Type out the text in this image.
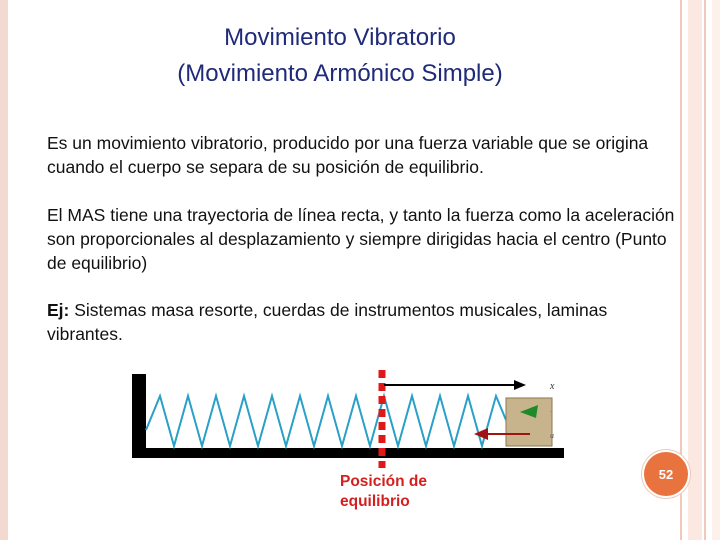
Movimiento Vibratorio
(Movimiento Armónico Simple)
Es un movimiento vibratorio, producido por una fuerza variable que se origina cuando el cuerpo se separa de su posición de equilibrio.
El MAS tiene una trayectoria de línea recta, y tanto la fuerza como la aceleración son proporcionales al desplazamiento y siempre dirigidas hacia el centro (Punto de equilibrio)
Ej: Sistemas masa resorte, cuerdas de instrumentos musicales, laminas vibrantes.
x
.
a
Posición de
equilibrio
52
